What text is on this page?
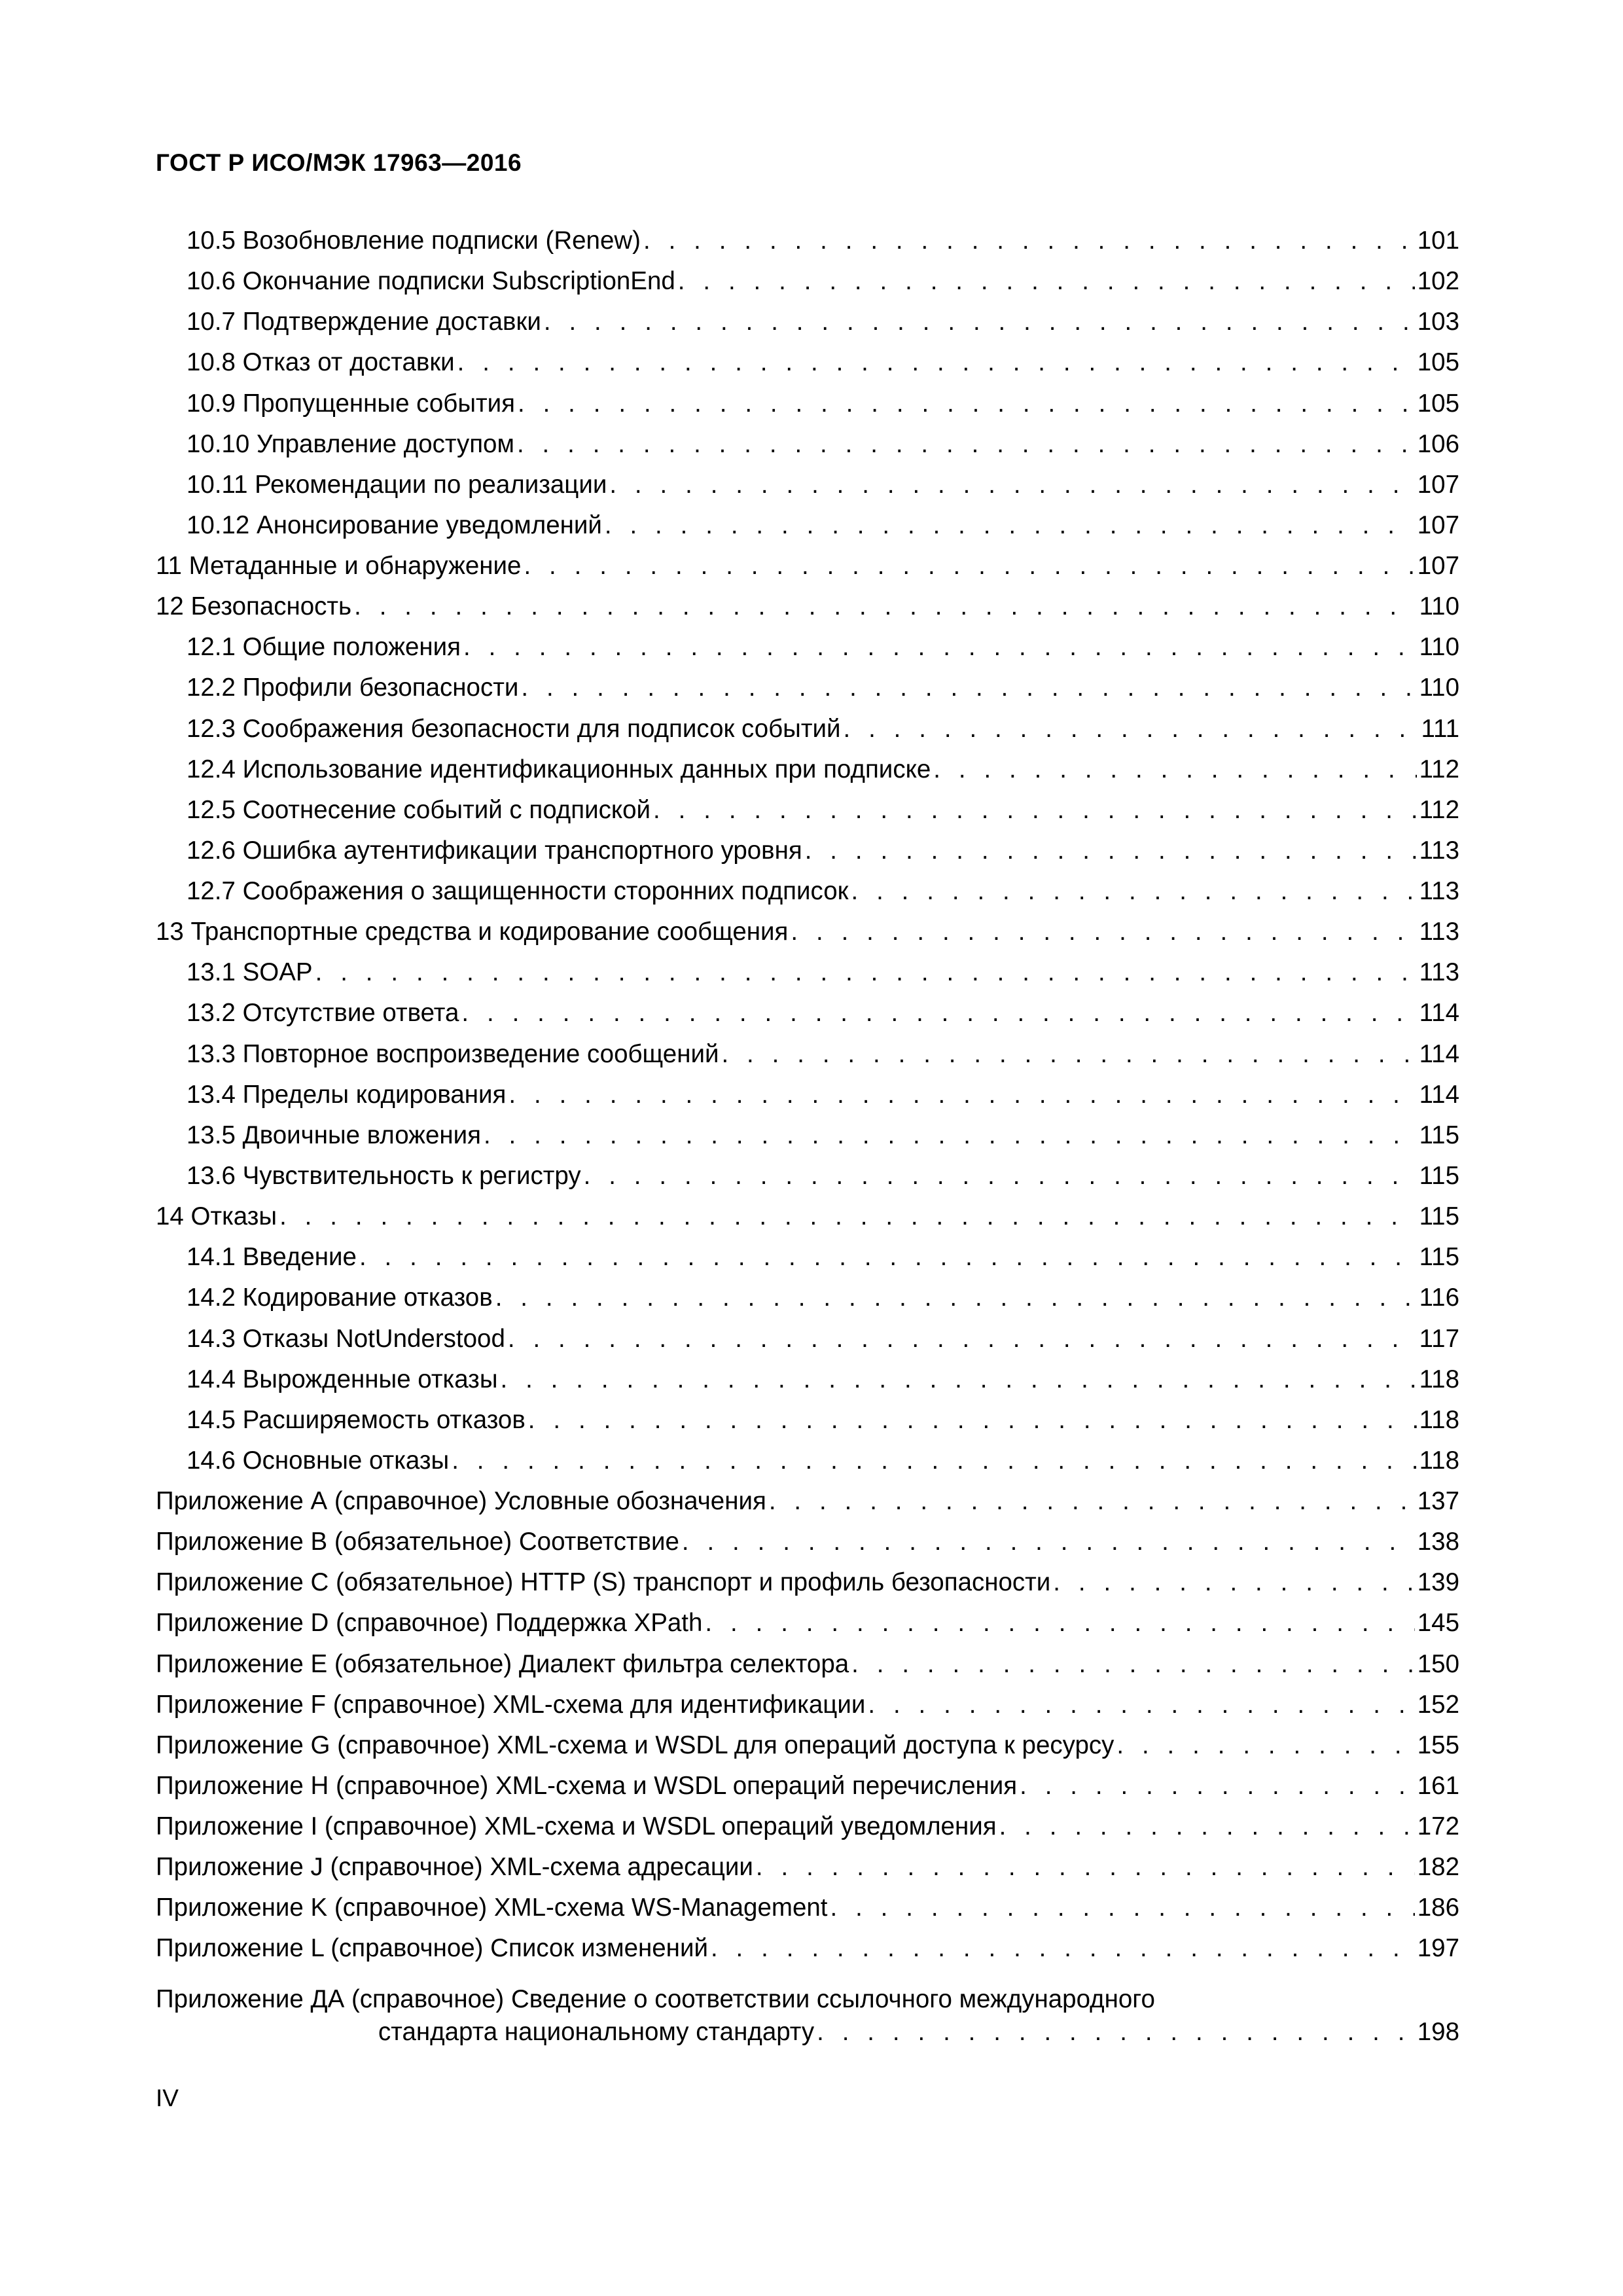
ГОСТ Р ИСО/МЭК 17963—2016
10.5 Возобновление подписки (Renew) . . .	101
10.6 Окончание подписки SubscriptionEnd . . .	102
10.7 Подтверждение доставки . . .	103
10.8 Отказ от доставки . . .	105
10.9 Пропущенные события . . .	105
10.10 Управление доступом . . .	106
10.11 Рекомендации по реализации . . .	107
10.12 Анонсирование уведомлений . . .	107
11 Метаданные и обнаружение . . .	107
12 Безопасность . . .	110
12.1 Общие положения . . .	110
12.2 Профили безопасности . . .	110
12.3 Соображения безопасности для подписок событий . . .	111
12.4 Использование идентификационных данных при подписке . . .	112
12.5 Соотнесение событий с подпиской . . .	112
12.6 Ошибка аутентификации транспортного уровня . . .	113
12.7 Соображения о защищенности сторонних подписок . . .	113
13 Транспортные средства и кодирование сообщения . . .	113
13.1 SOAP . . .	113
13.2 Отсутствие ответа . . .	114
13.3 Повторное воспроизведение сообщений . . .	114
13.4 Пределы кодирования . . .	114
13.5 Двоичные вложения . . .	115
13.6 Чувствительность к регистру . . .	115
14 Отказы . . .	115
14.1 Введение . . .	115
14.2 Кодирование отказов . . .	116
14.3 Отказы NotUnderstood . . .	117
14.4 Вырожденные отказы . . .	118
14.5 Расширяемость отказов . . .	118
14.6 Основные отказы . . .	118
Приложение А (справочное) Условные обозначения . . .	137
Приложение В (обязательное) Соответствие . . .	138
Приложение С (обязательное) HTTP (S) транспорт и профиль безопасности . . .	139
Приложение D (справочное) Поддержка XPath . . .	145
Приложение Е (обязательное) Диалект фильтра селектора . . .	150
Приложение F (справочное) XML-схема для идентификации . . .	152
Приложение G (справочное) XML-схема и WSDL для операций доступа к ресурсу . . .	155
Приложение Н (справочное) XML-схема и WSDL операций перечисления . . .	161
Приложение I (справочное) XML-схема и WSDL операций уведомления . . .	172
Приложение J (справочное) XML-схема адресации . . .	182
Приложение K (справочное) XML-схема WS-Management . . .	186
Приложение L (справочное) Список изменений . . .	197
Приложение ДА (справочное) Сведение о соответствии ссылочного международного
стандарта национальному стандарту . . .	198
IV
